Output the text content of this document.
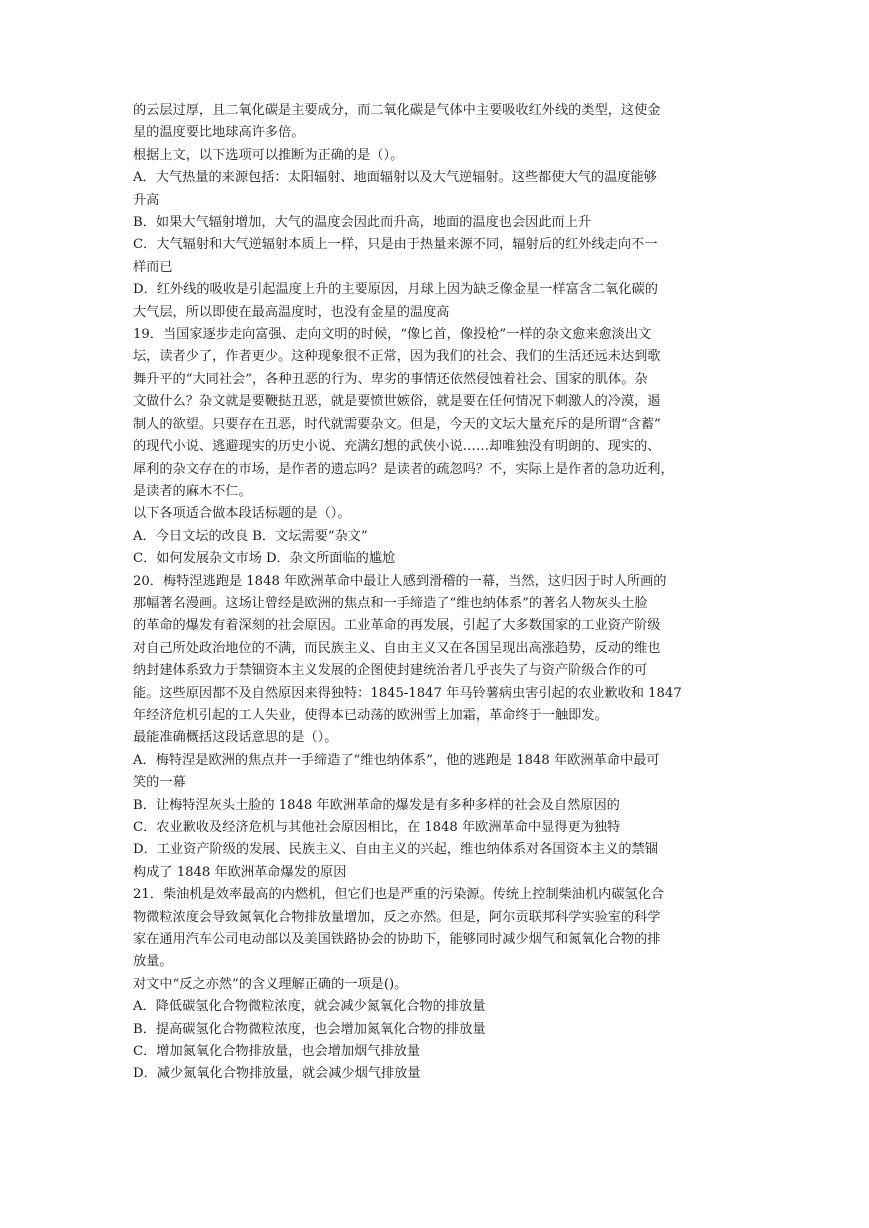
的云层过厚，且二氧化碳是主要成分，而二氧化碳是气体中主要吸收红外线的类型，这使金
星的温度要比地球高许多倍。
根据上文，以下选项可以推断为正确的是（）。
A．大气热量的来源包括：太阳辐射、地面辐射以及大气逆辐射。这些都使大气的温度能够
升高
B．如果大气辐射增加，大气的温度会因此而升高，地面的温度也会因此而上升
C．大气辐射和大气逆辐射本质上一样，只是由于热量来源不同，辐射后的红外线走向不一
样而已
D．红外线的吸收是引起温度上升的主要原因，月球上因为缺乏像金星一样富含二氧化碳的
大气层，所以即使在最高温度时，也没有金星的温度高
19．当国家逐步走向富强、走向文明的时候，“像匕首，像投枪”一样的杂文愈来愈淡出文
坛，读者少了，作者更少。这种现象很不正常，因为我们的社会、我们的生活还远未达到歌
舞升平的“大同社会”，各种丑恶的行为、卑劣的事情还依然侵蚀着社会、国家的肌体。杂
文做什么？杂文就是要鞭挞丑恶，就是要愤世嫉俗，就是要在任何情况下刺激人的冷漠，遏
制人的欲望。只要存在丑恶，时代就需要杂文。但是，今天的文坛大量充斥的是所谓“含蓄”
的现代小说、逃避现实的历史小说、充满幻想的武侠小说……却唯独没有明朗的、现实的、
犀利的杂文存在的市场，是作者的遗忘吗？是读者的疏忽吗？不，实际上是作者的急功近利，
是读者的麻木不仁。
以下各项适合做本段话标题的是（）。
A．今日文坛的改良 B．文坛需要“杂文”
C．如何发展杂文市场 D．杂文所面临的尴尬
20．梅特涅逃跑是 1848 年欧洲革命中最让人感到滑稽的一幕，当然，这归因于时人所画的
那幅著名漫画。这场让曾经是欧洲的焦点和一手缔造了“维也纳体系”的著名人物灰头土脸
的革命的爆发有着深刻的社会原因。工业革命的再发展，引起了大多数国家的工业资产阶级
对自己所处政治地位的不满，而民族主义、自由主义又在各国呈现出高涨趋势，反动的维也
纳封建体系致力于禁锢资本主义发展的企图使封建统治者几乎丧失了与资产阶级合作的可
能。这些原因都不及自然原因来得独特：1845-1847 年马铃薯病虫害引起的农业歉收和 1847
年经济危机引起的工人失业，使得本已动荡的欧洲雪上加霜，革命终于一触即发。
最能准确概括这段话意思的是（）。
A．梅特涅是欧洲的焦点并一手缔造了“维也纳体系”，他的逃跑是 1848 年欧洲革命中最可
笑的一幕
B．让梅特涅灰头土脸的 1848 年欧洲革命的爆发是有多种多样的社会及自然原因的
C．农业歉收及经济危机与其他社会原因相比，在 1848 年欧洲革命中显得更为独特
D．工业资产阶级的发展、民族主义、自由主义的兴起，维也纳体系对各国资本主义的禁锢
构成了 1848 年欧洲革命爆发的原因
21．柴油机是效率最高的内燃机，但它们也是严重的污染源。传统上控制柴油机内碳氢化合
物微粒浓度会导致氮氧化合物排放量增加，反之亦然。但是，阿尔贡联邦科学实验室的科学
家在通用汽车公司电动部以及美国铁路协会的协助下，能够同时减少烟气和氮氧化合物的排
放量。
对文中“反之亦然”的含义理解正确的一项是()。
A．降低碳氢化合物微粒浓度，就会减少氮氧化合物的排放量
B．提高碳氢化合物微粒浓度，也会增加氮氧化合物的排放量
C．增加氮氧化合物排放量，也会增加烟气排放量
D．减少氮氧化合物排放量，就会减少烟气排放量
